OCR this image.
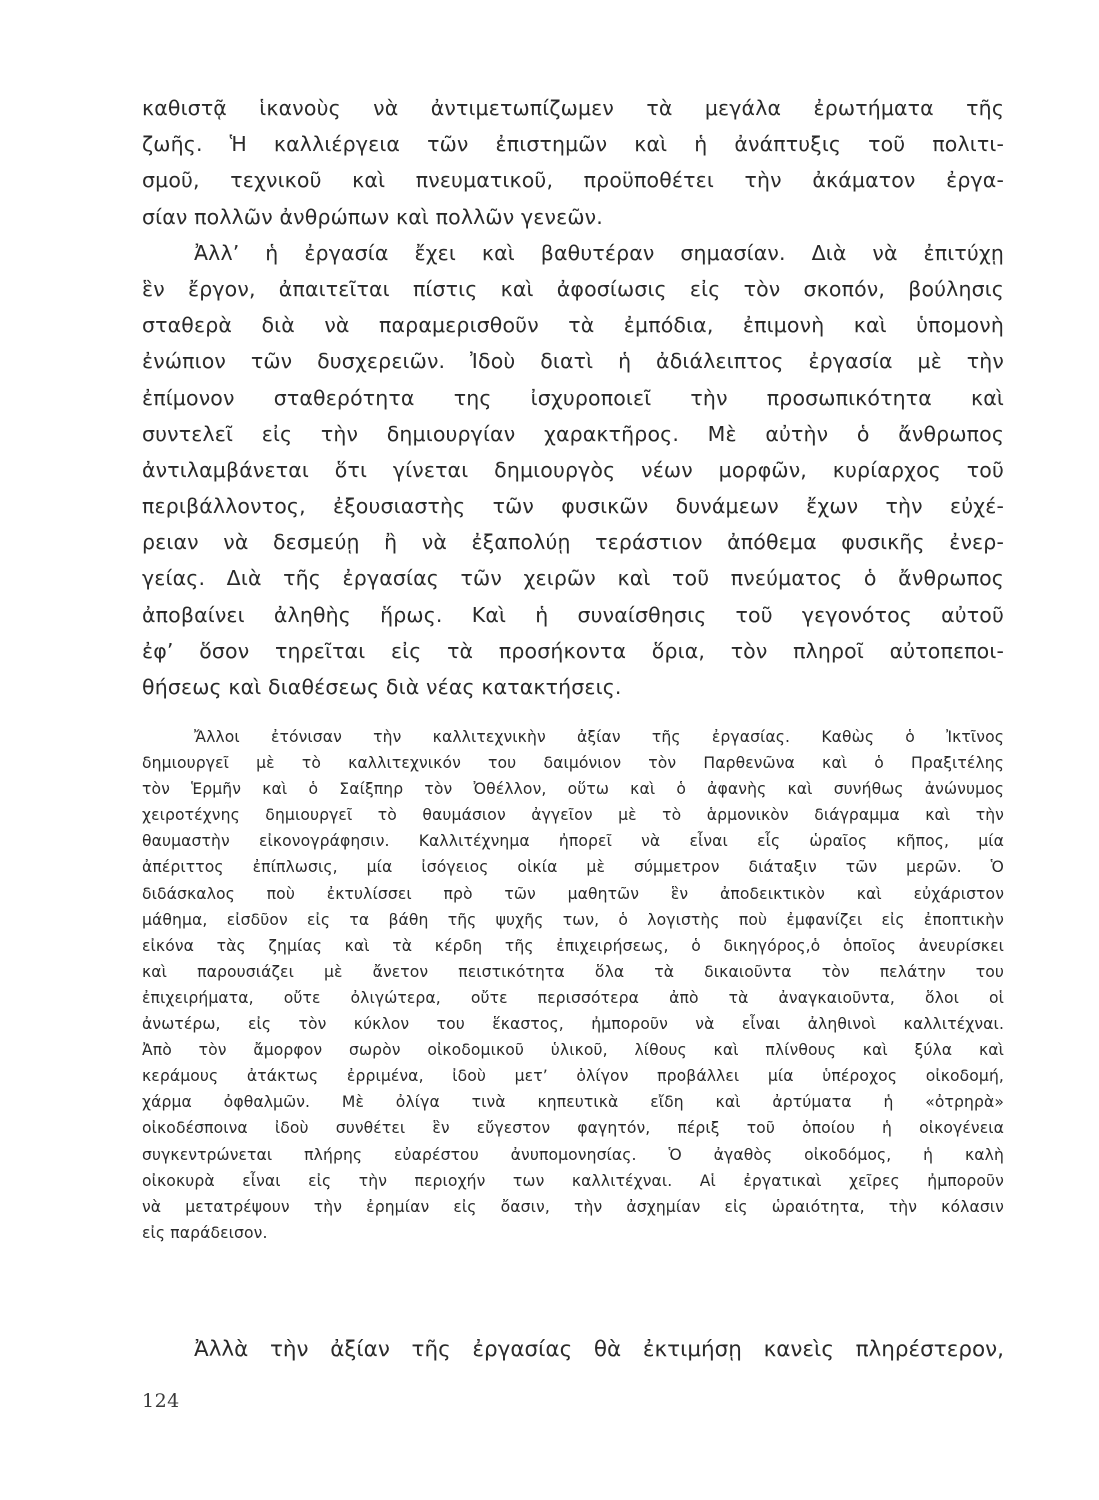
καθιστᾷ ἱκανοὺς νὰ ἀντιμετωπίζωμεν τὰ μεγάλα ἐρωτήματα τῆς
ζωῆς. Ἡ καλλιέργεια τῶν ἐπιστημῶν καὶ ἡ ἀνάπτυξις τοῦ πολιτι-
σμοῦ, τεχνικοῦ καὶ πνευματικοῦ, προϋποθέτει τὴν ἀκάματον ἐργα-
σίαν πολλῶν ἀνθρώπων καὶ πολλῶν γενεῶν.
Ἀλλ’ ἡ ἐργασία ἔχει καὶ βαθυτέραν σημασίαν. Διὰ νὰ ἐπιτύχῃ
ἓν ἔργον, ἀπαιτεῖται πίστις καὶ ἀφοσίωσις εἰς τὸν σκοπόν, βούλησις
σταθερὰ διὰ νὰ παραμερισθοῦν τὰ ἐμπόδια, ἐπιμονὴ καὶ ὑπομονὴ
ἐνώπιον τῶν δυσχερειῶν. Ἰδοὺ διατὶ ἡ ἀδιάλειπτος ἐργασία μὲ τὴν
ἐπίμονον σταθερότητα της ἰσχυροποιεῖ τὴν προσωπικότητα καὶ
συντελεῖ εἰς τὴν δημιουργίαν χαρακτῆρος. Μὲ αὐτὴν ὁ ἄνθρωπος
ἀντιλαμβάνεται ὅτι γίνεται δημιουργὸς νέων μορφῶν, κυρίαρχος τοῦ
περιβάλλοντος, ἐξουσιαστὴς τῶν φυσικῶν δυνάμεων ἔχων τὴν εὐχέ-
ρειαν νὰ δεσμεύῃ ἢ νὰ ἐξαπολύῃ τεράστιον ἀπόθεμα φυσικῆς ἐνερ-
γείας. Διὰ τῆς ἐργασίας τῶν χειρῶν καὶ τοῦ πνεύματος ὁ ἄνθρωπος
ἀποβαίνει ἀληθὴς ἥρως. Καὶ ἡ συναίσθησις τοῦ γεγονότος αὐτοῦ
ἐφ’ ὅσον τηρεῖται εἰς τὰ προσήκοντα ὅρια, τὸν πληροῖ αὐτοπεποι-
θήσεως καὶ διαθέσεως διὰ νέας κατακτήσεις.
Ἄλλοι ἐτόνισαν τὴν καλλιτεχνικὴν ἀξίαν τῆς ἐργασίας. Καθὼς ὁ Ἰκτῖνος
δημιουργεῖ μὲ τὸ καλλιτεχνικόν του δαιμόνιον τὸν Παρθενῶνα καὶ ὁ Πραξιτέλης
τὸν Ἑρμῆν καὶ ὁ Σαίξπηρ τὸν Ὀθέλλον, οὕτω καὶ ὁ ἀφανὴς καὶ συνήθως ἀνώνυμος
χειροτέχνης δημιουργεῖ τὸ θαυμάσιον ἀγγεῖον μὲ τὸ ἁρμονικὸν διάγραμμα καὶ τὴν
θαυμαστὴν εἰκονογράφησιν. Καλλιτέχνημα ἠπορεῖ νὰ εἶναι εἷς ὡραῖος κῆπος, μία
ἀπέριττος ἐπίπλωσις, μία ἰσόγειος οἰκία μὲ σύμμετρον διάταξιν τῶν μερῶν. Ὁ
διδάσκαλος ποὺ ἐκτυλίσσει πρὸ τῶν μαθητῶν ἓν ἀποδεικτικὸν καὶ εὐχάριστον
μάθημα, εἰσδῦον εἰς τα βάθη τῆς ψυχῆς των, ὁ λογιστὴς ποὺ ἐμφανίζει εἰς ἐποπτικὴν
εἰκόνα τὰς ζημίας καὶ τὰ κέρδη τῆς ἐπιχειρήσεως, ὁ δικηγόρος,ὁ ὁποῖος ἀνευρίσκει
καὶ παρουσιάζει μὲ ἄνετον πειστικότητα ὅλα τὰ δικαιοῦντα τὸν πελάτην του
ἐπιχειρήματα, οὔτε ὀλιγώτερα, οὔτε περισσότερα ἀπὸ τὰ ἀναγκαιοῦντα, ὅλοι οἱ
ἀνωτέρω, εἰς τὸν κύκλον του ἕκαστος, ἠμποροῦν νὰ εἶναι ἀληθινοὶ καλλιτέχναι.
Ἀπὸ τὸν ἄμορφον σωρὸν οἰκοδομικοῦ ὑλικοῦ, λίθους καὶ πλίνθους καὶ ξύλα καὶ
κεράμους ἀτάκτως ἐρριμένα, ἰδοὺ μετ’ ὀλίγον προβάλλει μία ὑπέροχος οἰκοδομή,
χάρμα ὀφθαλμῶν. Μὲ ὀλίγα τινὰ κηπευτικὰ εἴδη καὶ ἀρτύματα ἡ «ὀτρηρὰ»
οἰκοδέσποινα ἰδοὺ συνθέτει ἓν εὔγεστον φαγητόν, πέριξ τοῦ ὁποίου ἡ οἰκογένεια
συγκεντρώνεται πλήρης εὐαρέστου ἀνυπομονησίας. Ὁ ἀγαθὸς οἰκοδόμος, ἡ καλὴ
οἰκοκυρὰ εἶναι εἰς τὴν περιοχήν των καλλιτέχναι. Αἱ ἐργατικαὶ χεῖρες ἠμποροῦν
νὰ μετατρέψουν τὴν ἐρημίαν εἰς ὄασιν, τὴν ἀσχημίαν εἰς ὡραιότητα, τὴν κόλασιν
εἰς παράδεισον.
Ἀλλὰ τὴν ἀξίαν τῆς ἐργασίας θὰ ἐκτιμήσῃ κανεὶς πληρέστερον,
124
